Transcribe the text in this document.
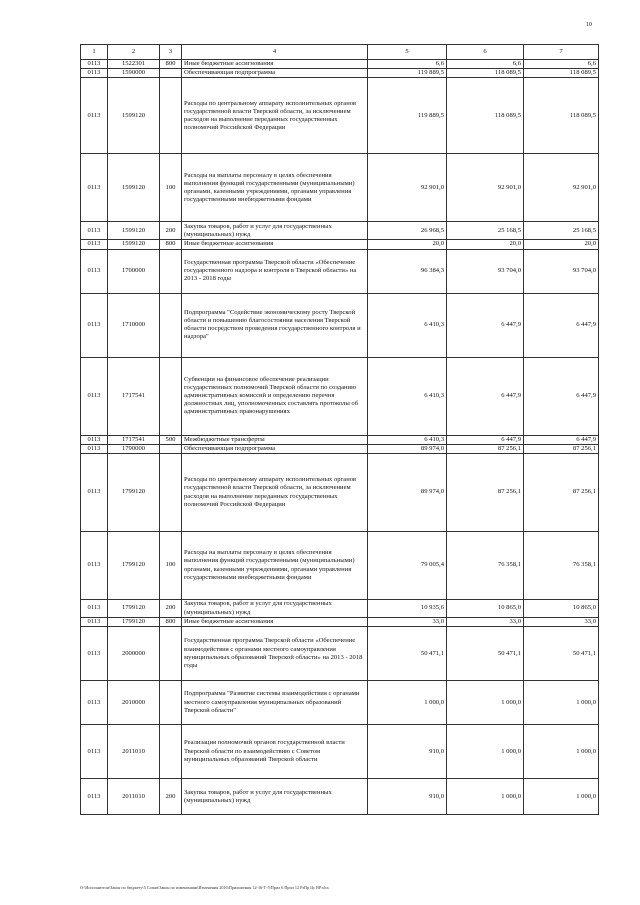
10
1	2	3	4	5	6	7
0113	1522301	800	Иные бюджетные ассигнования	6,6	6,6	6,6
0113	1590000		Обеспечивающая подпрограмма	119 889,5	118 089,5	118 089,5
0113	1599120		Расходы по центральному аппарату исполнительных органов государственной власти Тверской области, за исключением расходов на выполнение переданных государственных полномочий Российской Федерации	119 889,5	118 089,5	118 089,5
0113	1599120	100	Расходы на выплаты персоналу в целях обеспечения выполнения функций государственными (муниципальными) органами, казенными учреждениями, органами управления государственными внебюджетными фондами	92 901,0	92 901,0	92 901,0
0113	1599120	200	Закупка товаров, работ и услуг для государственных (муниципальных) нужд	26 968,5	25 168,5	25 168,5
0113	1599120	800	Иные бюджетные ассигнования	20,0	20,0	20,0
0113	1700000		Государственная программа Тверской области «Обеспечение государственного надзора и контроля в Тверской области» на 2013 - 2018 годы	96 384,3	93 704,0	93 704,0
0113	1710000		Подпрограмма "Содействие экономическому росту Тверской области и повышению благосостояния населения Тверской области посредством проведения государственного контроля и надзора"	6 410,3	6 447,9	6 447,9
0113	1717541		Субвенции на финансовое обеспечение реализации государственных полномочий Тверской области по созданию административных комиссий и определению перечня должностных лиц, уполномоченных составлять протоколы об административных правонарушениях	6 410,3	6 447,9	6 447,9
0113	1717541	500	Межбюджетные трансферты	6 410,3	6 447,9	6 447,9
0113	1790000		Обеспечивающая подпрограмма	89 974,0	87 256,1	87 256,1
0113	1799120		Расходы по центральному аппарату исполнительных органов государственной власти Тверской области, за исключением расходов на выполнение переданных государственных полномочий Российской Федерации	89 974,0	87 256,1	87 256,1
0113	1799120	100	Расходы на выплаты персоналу в целях обеспечения выполнения функций государственными (муниципальными) органами, казенными учреждениями, органами управления государственными внебюджетными фондами	79 005,4	76 358,1	76 358,1
0113	1799120	200	Закупка товаров, работ и услуг для государственных (муниципальных) нужд	10 935,6	10 865,0	10 865,0
0113	1799120	800	Иные бюджетные ассигнования	33,0	33,0	33,0
0113	2000000		Государственная программа Тверской области «Обеспечение взаимодействия с органами местного самоуправления муниципальных образований Тверской области» на 2013 - 2018 годы	50 471,1	50 471,1	50 471,1
0113	2010000		Подпрограмма "Развитие системы взаимодействия с органами местного самоуправления муниципальных образований Тверской области"	1 000,0	1 000,0	1 000,0
0113	2011010		Реализация полномочий органов государственной власти Тверской области по взаимодействию с Советом муниципальных образований Тверской области	910,0	1 000,0	1 000,0
0113	2011010	200	Закупка товаров, работ и услуг для государственных (муниципальных) нужд	910,0	1 000,0	1 000,0
O:\Исполнители\Закон по бюджету\5 Созыв\Закон по изменениям\Изменения 2016\Приложения 12-16-Т-5\Прил 6 Прил 12 РзПр Цс ВР.xlsx
